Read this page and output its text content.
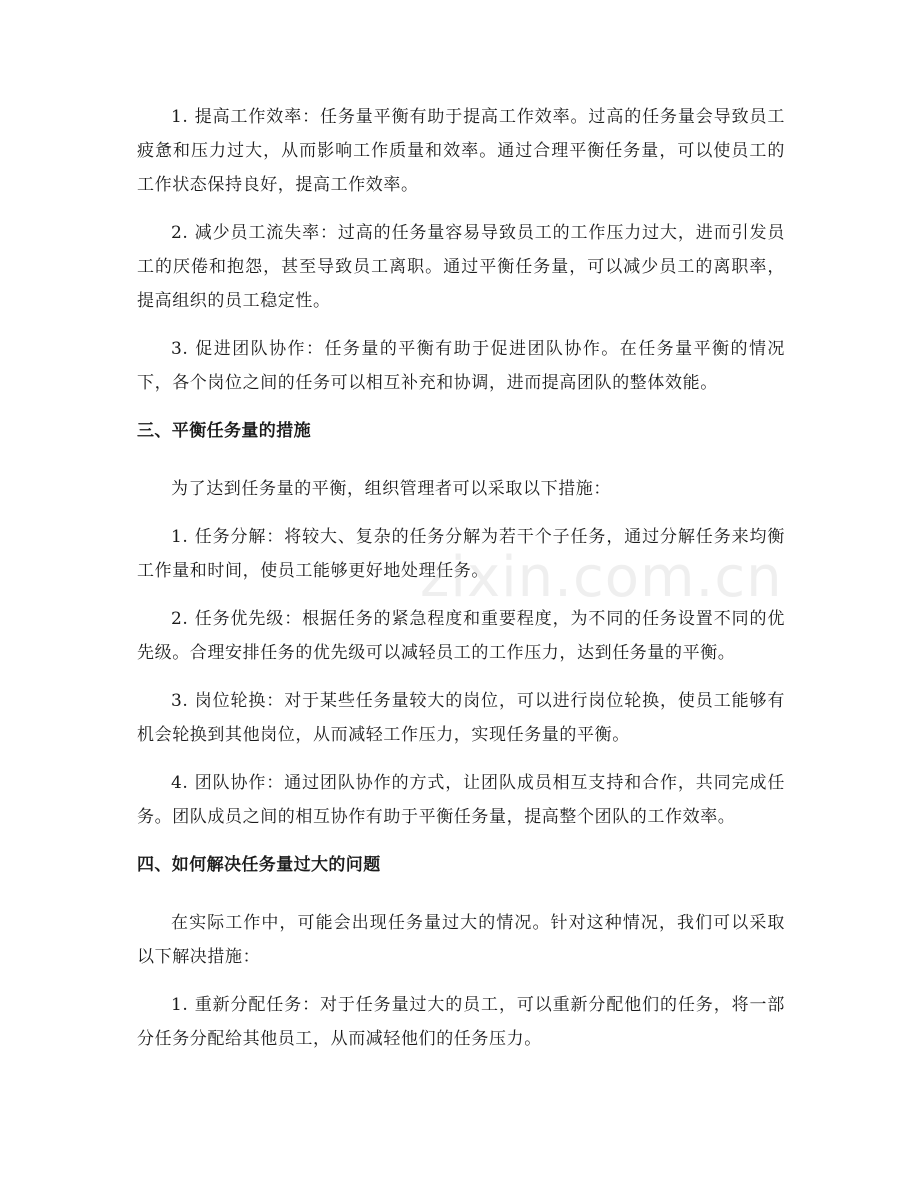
1. 提高工作效率：任务量平衡有助于提高工作效率。过高的任务量会导致员工疲惫和压力过大，从而影响工作质量和效率。通过合理平衡任务量，可以使员工的工作状态保持良好，提高工作效率。

2. 减少员工流失率：过高的任务量容易导致员工的工作压力过大，进而引发员工的厌倦和抱怨，甚至导致员工离职。通过平衡任务量，可以减少员工的离职率，提高组织的员工稳定性。

3. 促进团队协作：任务量的平衡有助于促进团队协作。在任务量平衡的情况下，各个岗位之间的任务可以相互补充和协调，进而提高团队的整体效能。

三、平衡任务量的措施

为了达到任务量的平衡，组织管理者可以采取以下措施：

1. 任务分解：将较大、复杂的任务分解为若干个子任务，通过分解任务来均衡工作量和时间，使员工能够更好地处理任务。

2. 任务优先级：根据任务的紧急程度和重要程度，为不同的任务设置不同的优先级。合理安排任务的优先级可以减轻员工的工作压力，达到任务量的平衡。

3. 岗位轮换：对于某些任务量较大的岗位，可以进行岗位轮换，使员工能够有机会轮换到其他岗位，从而减轻工作压力，实现任务量的平衡。

4. 团队协作：通过团队协作的方式，让团队成员相互支持和合作，共同完成任务。团队成员之间的相互协作有助于平衡任务量，提高整个团队的工作效率。

四、如何解决任务量过大的问题

在实际工作中，可能会出现任务量过大的情况。针对这种情况，我们可以采取以下解决措施：

1. 重新分配任务：对于任务量过大的员工，可以重新分配他们的任务，将一部分任务分配给其他员工，从而减轻他们的任务压力。

zixin.com.cn
